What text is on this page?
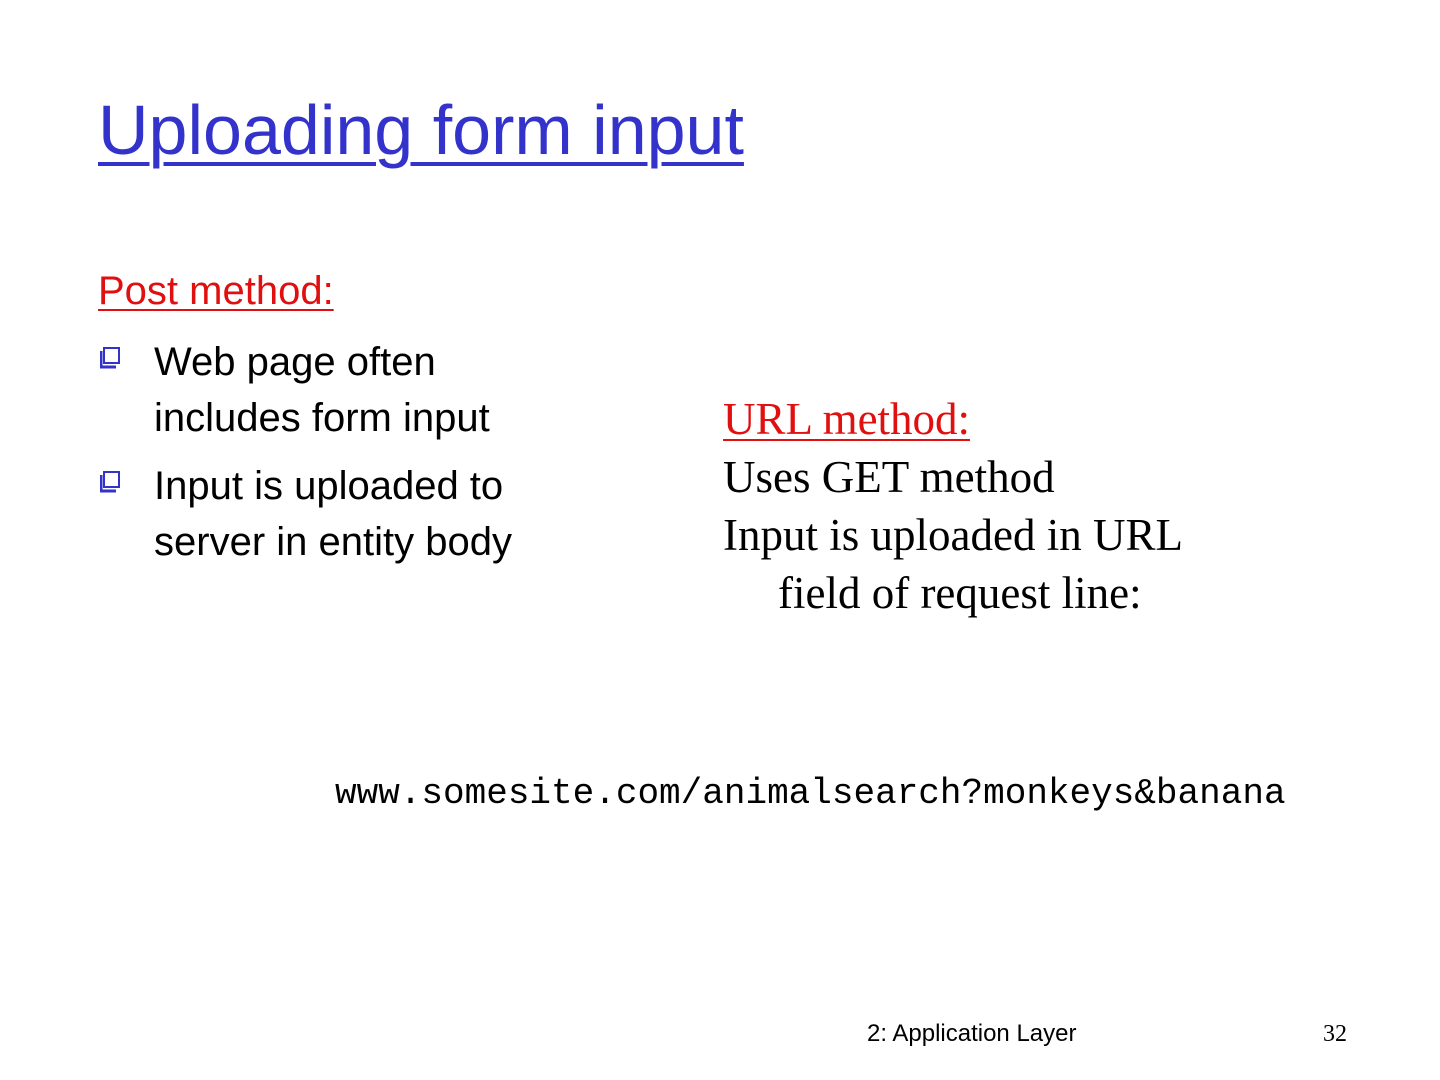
Uploading form input
Post method:
Web page often
includes form input
Input is uploaded to
server in entity body
URL method:
Uses GET method
Input is uploaded in URL
field of request line:
www.somesite.com/animalsearch?monkeys&banana
2: Application Layer	32
